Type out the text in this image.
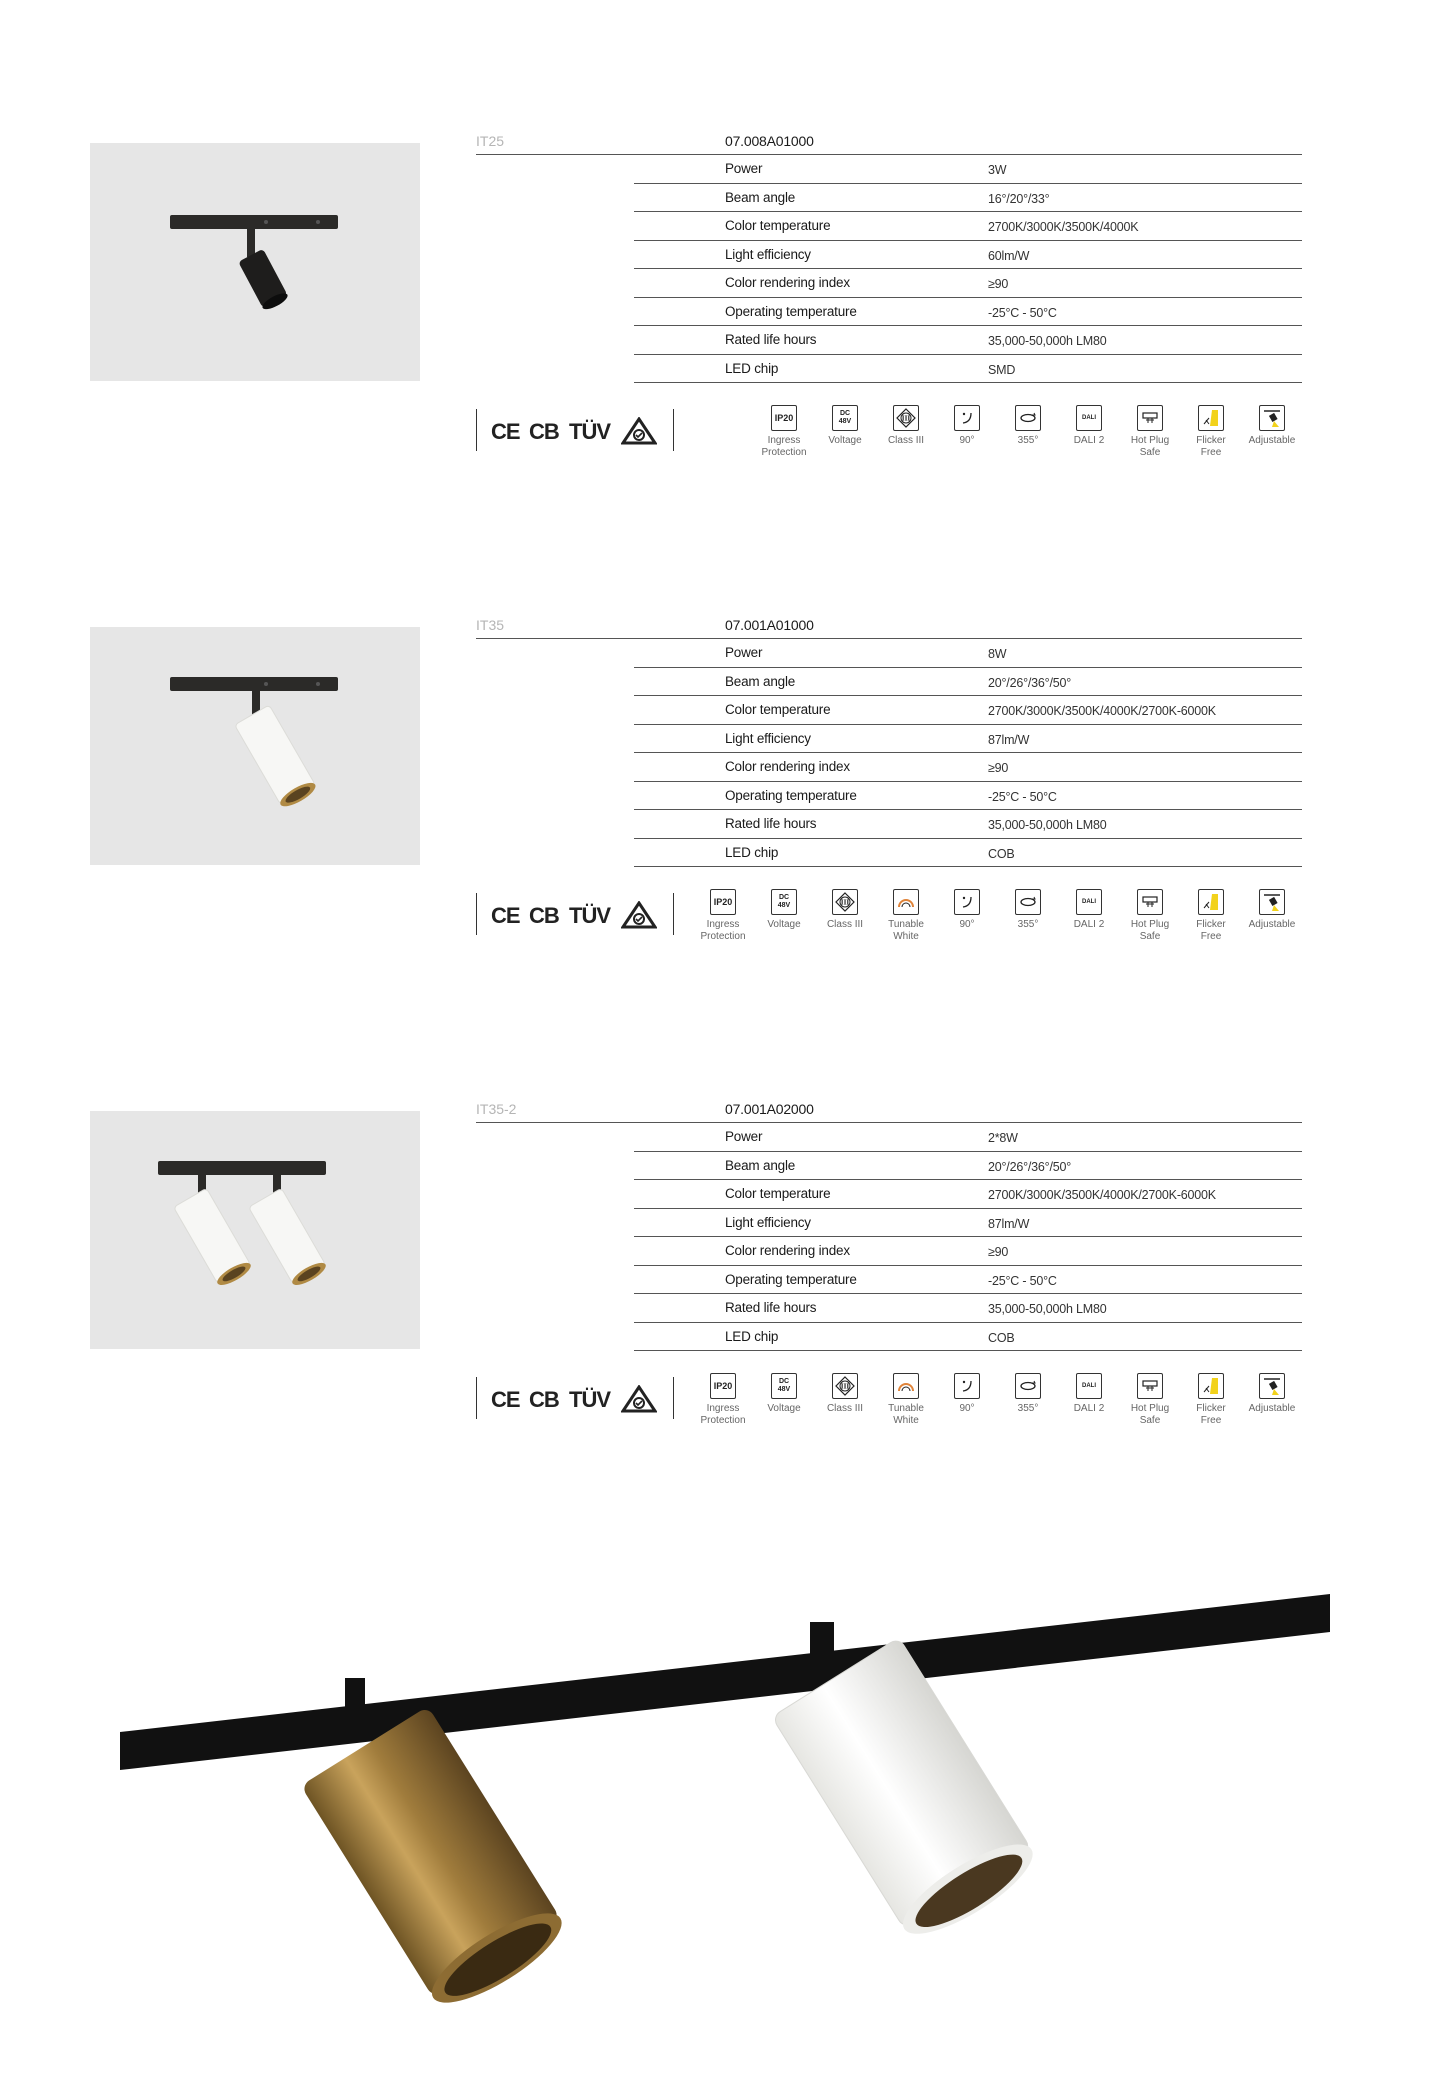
IT25	07.008A01000
Power	3W
Beam angle	16°/20°/33°
Color temperature	2700K/3000K/3500K/4000K
Light efficiency	60lm/W
Color rendering index	≥90
Operating temperature	-25°C - 50°C
Rated life hours	35,000-50,000h LM80
LED chip	SMD
CE CB TÜV
IP20
Ingress
Protection
DC 48V
Voltage
III
Class III	90°	355°
DALI
DALI 2	Hot Plug
Safe
Flicker
Free
Adjustable
IT35	07.001A01000
Power	8W
Beam angle	20°/26°/36°/50°
Color temperature	2700K/3000K/3500K/4000K/2700K-6000K
Light efficiency	87lm/W
Color rendering index	≥90
Operating temperature	-25°C - 50°C
Rated life hours	35,000-50,000h LM80
LED chip	COB
CE CB TÜV
IP20
Ingress
Protection
DC 48V
Voltage
III
Class III	Tunable
White
90°	355°
DALI
DALI 2	Hot Plug
Safe
Flicker
Free
Adjustable
IT35-2	07.001A02000
Power	2*8W
Beam angle	20°/26°/36°/50°
Color temperature	2700K/3000K/3500K/4000K/2700K-6000K
Light efficiency	87lm/W
Color rendering index	≥90
Operating temperature	-25°C - 50°C
Rated life hours	35,000-50,000h LM80
LED chip	COB
CE CB TÜV
IP20
Ingress
Protection
DC 48V
Voltage
III
Class III	Tunable
White
90°	355°
DALI
DALI 2	Hot Plug
Safe
Flicker
Free
Adjustable
